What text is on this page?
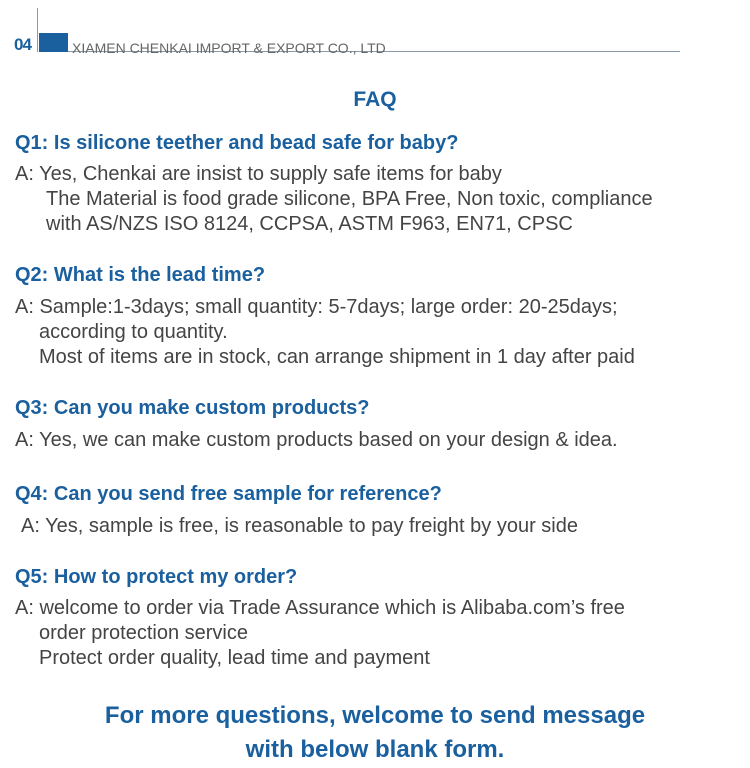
04	XIAMEN CHENKAI IMPORT & EXPORT CO., LTD
FAQ
Q1: Is silicone teether and bead safe for baby?
A: Yes, Chenkai are insist to supply safe items for baby
The Material is food grade silicone, BPA Free, Non toxic, compliance
with AS/NZS ISO 8124, CCPSA, ASTM F963, EN71, CPSC
Q2: What is the lead time?
A: Sample:1-3days; small quantity: 5-7days; large order: 20-25days;
according to quantity.
Most of items are in stock, can arrange shipment in 1 day after paid
Q3: Can you make custom products?
A: Yes, we can make custom products based on your design & idea.
Q4: Can you send free sample for reference?
A: Yes, sample is free, is reasonable to pay freight by your side
Q5: How to protect my order?
A: welcome to order via Trade Assurance which is Alibaba.com’s free
order protection service
Protect order quality, lead time and payment
For more questions, welcome to send message
with below blank form.
